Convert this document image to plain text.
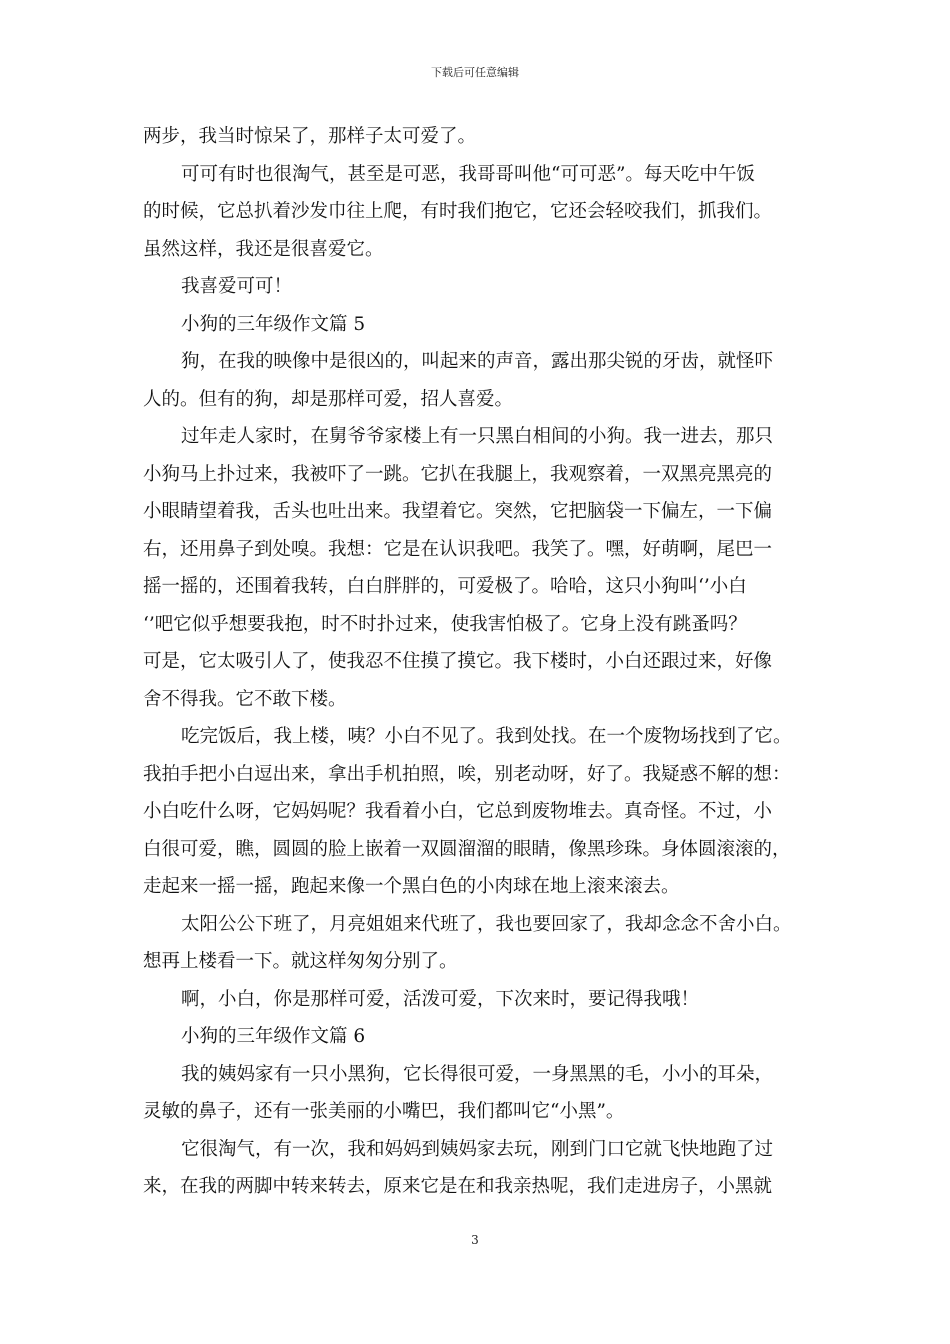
下载后可任意编辑
两步，我当时惊呆了，那样子太可爱了。
可可有时也很淘气，甚至是可恶，我哥哥叫他“可可恶”。每天吃中午饭
的时候，它总扒着沙发巾往上爬，有时我们抱它，它还会轻咬我们，抓我们。
虽然这样，我还是很喜爱它。
我喜爱可可！
小狗的三年级作文篇 5
狗，在我的映像中是很凶的，叫起来的声音，露出那尖锐的牙齿，就怪吓
人的。但有的狗，却是那样可爱，招人喜爱。
过年走人家时，在舅爷爷家楼上有一只黑白相间的小狗。我一进去，那只
小狗马上扑过来，我被吓了一跳。它扒在我腿上，我观察着，一双黑亮黑亮的
小眼睛望着我，舌头也吐出来。我望着它。突然，它把脑袋一下偏左，一下偏
右，还用鼻子到处嗅。我想：它是在认识我吧。我笑了。嘿，好萌啊，尾巴一
摇一摇的，还围着我转，白白胖胖的，可爱极了。哈哈，这只小狗叫‘’小白
‘’吧它似乎想要我抱，时不时扑过来，使我害怕极了。它身上没有跳蚤吗？
可是，它太吸引人了，使我忍不住摸了摸它。我下楼时，小白还跟过来，好像
舍不得我。它不敢下楼。
吃完饭后，我上楼，咦？小白不见了。我到处找。在一个废物场找到了它。
我拍手把小白逗出来，拿出手机拍照，唉，别老动呀，好了。我疑惑不解的想：
小白吃什么呀，它妈妈呢？我看着小白，它总到废物堆去。真奇怪。不过，小
白很可爱，瞧，圆圆的脸上嵌着一双圆溜溜的眼睛，像黑珍珠。身体圆滚滚的，
走起来一摇一摇，跑起来像一个黑白色的小肉球在地上滚来滚去。
太阳公公下班了，月亮姐姐来代班了，我也要回家了，我却念念不舍小白。
想再上楼看一下。就这样匆匆分别了。
啊，小白，你是那样可爱，活泼可爱，下次来时，要记得我哦！
小狗的三年级作文篇 6
我的姨妈家有一只小黑狗，它长得很可爱，一身黑黑的毛，小小的耳朵，
灵敏的鼻子，还有一张美丽的小嘴巴，我们都叫它“小黑”。
它很淘气，有一次，我和妈妈到姨妈家去玩，刚到门口它就飞快地跑了过
来，在我的两脚中转来转去，原来它是在和我亲热呢，我们走进房子，小黑就
3
